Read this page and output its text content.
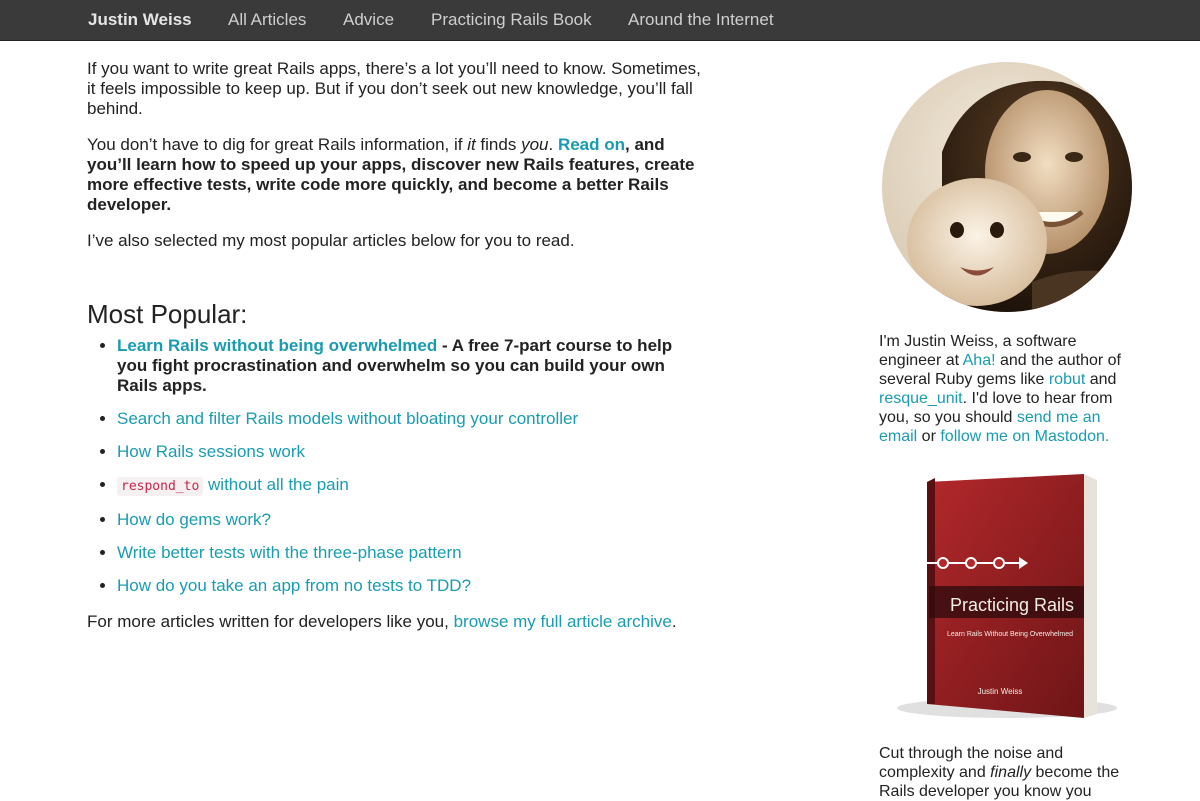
Justin Weiss All Articles Advice Practicing Rails Book Around the Internet

If you want to write great Rails apps, there’s a lot you’ll need to know. Sometimes, it feels impossible to keep up. But if you don’t seek out new knowledge, you’ll fall behind.

You don’t have to dig for great Rails information, if it finds you. Read on, and you’ll learn how to speed up your apps, discover new Rails features, create more effective tests, write code more quickly, and become a better Rails developer.

I’ve also selected my most popular articles below for you to read.

Most Popular:
• Learn Rails without being overwhelmed - A free 7-part course to help you fight procrastination and overwhelm so you can build your own Rails apps.
• Search and filter Rails models without bloating your controller
• How Rails sessions work
• respond_to without all the pain
• How do gems work?
• Write better tests with the three-phase pattern
• How do you take an app from no tests to TDD?

For more articles written for developers like you, browse my full article archive.

I'm Justin Weiss, a software engineer at Aha! and the author of several Ruby gems like robut and resque_unit. I'd love to hear from you, so you should send me an email or follow me on Mastodon.
Practicing Rails
Learn Rails Without Being Overwhelmed
Justin Weiss
Cut through the noise and complexity and finally become the Rails developer you know you
